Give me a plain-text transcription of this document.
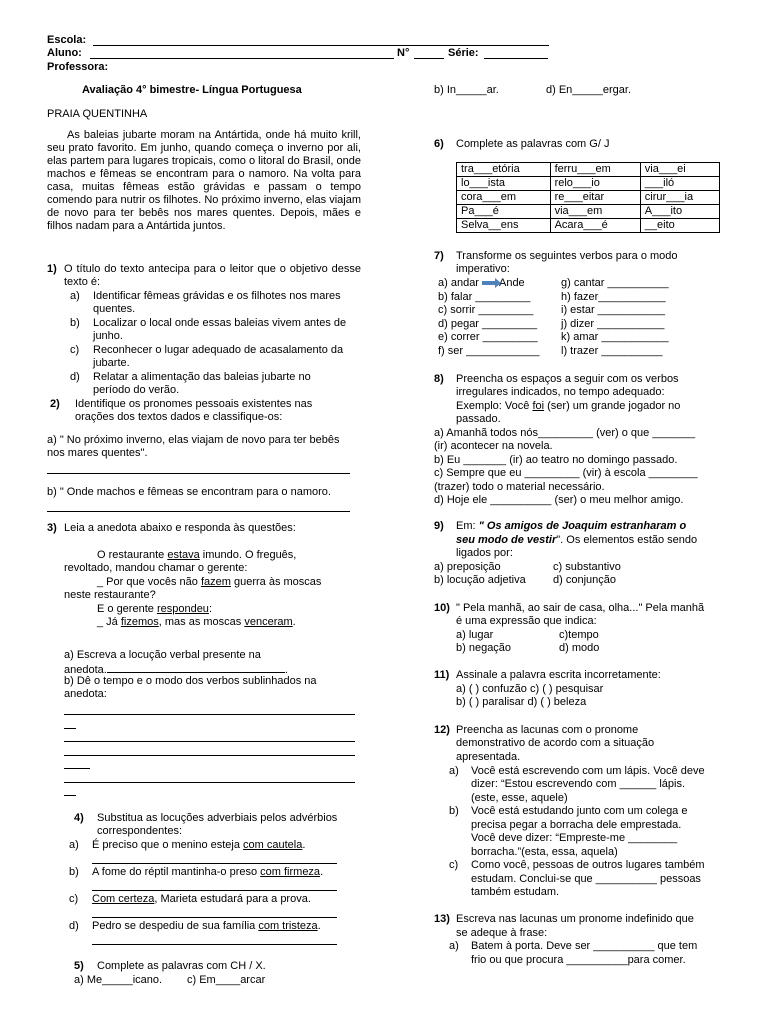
Escola:
Aluno:	N°	Série:
Professora:
Avaliação 4° bimestre- Língua Portuguesa
PRAIA QUENTINHA
As baleias jubarte moram na Antártida, onde há muito krill, seu prato favorito. Em junho, quando começa o inverno por ali, elas partem para lugares tropicais, como o litoral do Brasil, onde machos e fêmeas se encontram para o namoro. Na volta para casa, muitas fêmeas estão grávidas e passam o tempo comendo para nutrir os filhotes. No próximo inverno, elas viajam de novo para ter bebês nos mares quentes. Depois, mães e filhos nadam para a Antártida juntos.
1) O título do texto antecipa para o leitor que o objetivo desse texto é:
a) Identificar fêmeas grávidas e os filhotes nos mares
quentes.
b) Localizar o local onde essas baleias vivem antes de
junho.
c) Reconhecer o lugar adequado de acasalamento da
jubarte.
d) Relatar a alimentação das baleias jubarte no
período do verão.
2) Identifique os pronomes pessoais existentes nas
orações dos textos dados e classifique-os:
a) " No próximo inverno, elas viajam de novo para ter bebês
nos mares quentes".
b) " Onde machos e fêmeas se encontram para o namoro.
3) Leia a anedota abaixo e responda às questões:
O restaurante estava imundo. O freguês,
revoltado, mandou chamar o gerente:
_ Por que vocês não fazem guerra às moscas
neste restaurante?
E o gerente respondeu:
_ Já fizemos, mas as moscas venceram.
a) Escreva a locução verbal presente na
anedota.	.
b) Dê o tempo e o modo dos verbos sublinhados na
anedota:
4) Substitua as locuções adverbiais pelos advérbios
correspondentes:
a) É preciso que o menino esteja com cautela.
b) A fome do réptil mantinha-o preso com firmeza.
c) Com certeza, Marieta estudará para a prova.
d) Pedro se despediu de sua família com tristeza.
5) Complete as palavras com CH / X.
a) Me_____icano. c) Em____arcar
b) In_____ar.	d) En_____ergar.
6) Complete as palavras com G/ J
tra___etória	ferru___em	via___ei
lo___ista	relo___io	___iló
cora___em	re___eitar	cirur___ia
Pa___é	via___em	A___ito
Selva__ens	Acara___é	__eito
7) Transforme os seguintes verbos para o modo
imperativo:
a) andar Ande
b) falar _________
c) sorrir _________
d) pegar _________
e) correr _________
f) ser ____________
g) cantar __________
h) fazer___________
i) estar ___________
j) dizer ___________
k) amar ___________
l) trazer __________
8) Preencha os espaços a seguir com os verbos
irregulares indicados, no tempo adequado:
Exemplo: Você foi (ser) um grande jogador no
passado.
a) Amanhã todos nós_________ (ver) o que _______
(ir) acontecer na novela.
b) Eu _______ (ir) ao teatro no domingo passado.
c) Sempre que eu _________ (vir) à escola ________
(trazer) todo o material necessário.
d) Hoje ele __________ (ser) o meu melhor amigo.
9) Em: " Os amigos de Joaquim estranharam o
seu modo de vestir". Os elementos estão sendo
ligados por:
a) preposição	c) substantivo
b) locução adjetiva d) conjunção
10) " Pela manhã, ao sair de casa, olha..." Pela manhã
é uma expressão que indica:
a) lugar	c)tempo
b) negação	d) modo
11) Assinale a palavra escrita incorretamente:
a) ( ) confuzão c) ( ) pesquisar
b) ( ) paralisar d) ( ) beleza
12) Preencha as lacunas com o pronome
demonstrativo de acordo com a situação
apresentada.
a) Você está escrevendo com um lápis. Você deve
dizer: “Estou escrevendo com ______ lápis.
(este, esse, aquele)
b) Você está estudando junto com um colega e
precisa pegar a borracha dele emprestada.
Você deve dizer: “Empreste-me ________
borracha.”(esta, essa, aquela)
c) Como você, pessoas de outros lugares também
estudam. Conclui-se que __________ pessoas
também estudam.
13) Escreva nas lacunas um pronome indefinido que
se adeque à frase:
a) Batem à porta. Deve ser __________ que tem
frio ou que procura __________para comer.
